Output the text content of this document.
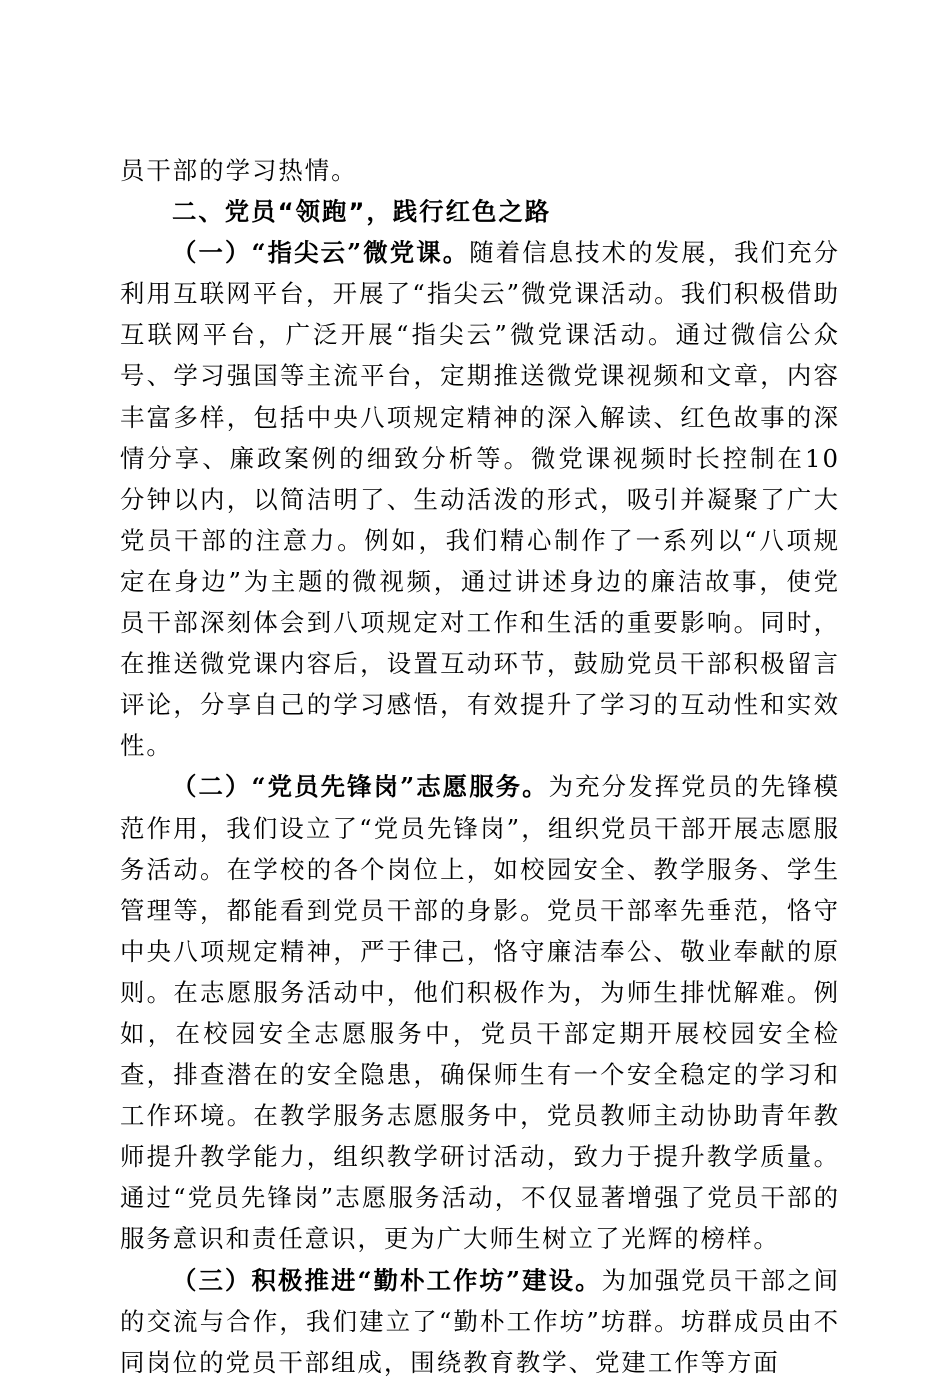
员干部的学习热情。

二、党员“领跑”，践行红色之路

（一）“指尖云”微党课。随着信息技术的发展，我们充分利用互联网平台，开展了“指尖云”微党课活动。我们积极借助互联网平台，广泛开展“指尖云”微党课活动。通过微信公众号、学习强国等主流平台，定期推送微党课视频和文章，内容丰富多样，包括中央八项规定精神的深入解读、红色故事的深情分享、廉政案例的细致分析等。微党课视频时长控制在10分钟以内，以简洁明了、生动活泼的形式，吸引并凝聚了广大党员干部的注意力。例如，我们精心制作了一系列以“八项规定在身边”为主题的微视频，通过讲述身边的廉洁故事，使党员干部深刻体会到八项规定对工作和生活的重要影响。同时，在推送微党课内容后，设置互动环节，鼓励党员干部积极留言评论，分享自己的学习感悟，有效提升了学习的互动性和实效性。

（二）“党员先锋岗”志愿服务。为充分发挥党员的先锋模范作用，我们设立了“党员先锋岗”，组织党员干部开展志愿服务活动。在学校的各个岗位上，如校园安全、教学服务、学生管理等，都能看到党员干部的身影。党员干部率先垂范，恪守中央八项规定精神，严于律己，恪守廉洁奉公、敬业奉献的原则。在志愿服务活动中，他们积极作为，为师生排忧解难。例如，在校园安全志愿服务中，党员干部定期开展校园安全检查，排查潜在的安全隐患，确保师生有一个安全稳定的学习和工作环境。在教学服务志愿服务中，党员教师主动协助青年教师提升教学能力，组织教学研讨活动，致力于提升教学质量。通过“党员先锋岗”志愿服务活动，不仅显著增强了党员干部的服务意识和责任意识，更为广大师生树立了光辉的榜样。

（三）积极推进“勤朴工作坊”建设。为加强党员干部之间的交流与合作，我们建立了“勤朴工作坊”坊群。坊群成员由不同岗位的党员干部组成，围绕教育教学、党建工作等方面
